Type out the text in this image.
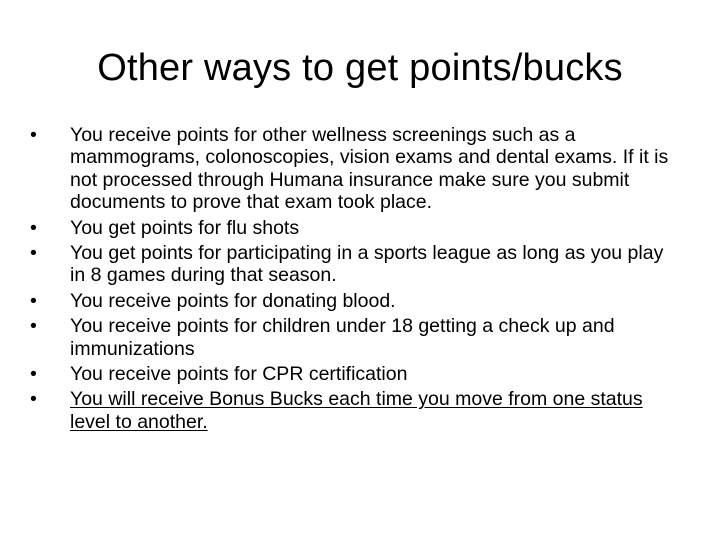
Other ways to get points/bucks
•	You receive points for other wellness screenings such as a mammograms, colonoscopies, vision exams and dental exams. If it is not processed through Humana insurance make sure you submit documents to prove that exam took place.
•	You get points for flu shots
•	You get points for participating in a sports league as long as you play in 8 games during that season.
•	You receive points for donating blood.
•	You receive points for children under 18 getting a check up and immunizations
•	You receive points for CPR certification
•	You will receive Bonus Bucks each time you move from one status level to another.
